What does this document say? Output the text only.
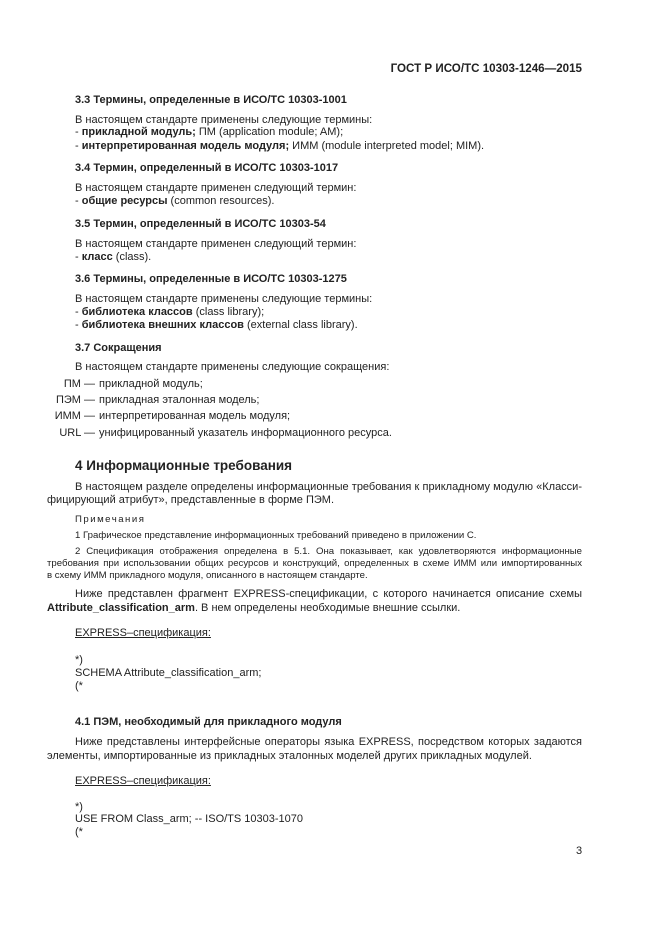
ГОСТ Р ИСО/ТС 10303-1246—2015
3.3 Термины, определенные в ИСО/ТС 10303-1001
В настоящем стандарте применены следующие термины:
- прикладной модуль; ПМ (application module; AM);
- интерпретированная модель модуля; ИММ (module interpreted model; MIM).
3.4 Термин, определенный в ИСО/ТС 10303-1017
В настоящем стандарте применен следующий термин:
- общие ресурсы (common resources).
3.5 Термин, определенный в ИСО/ТС 10303-54
В настоящем стандарте применен следующий термин:
- класс (class).
3.6 Термины, определенные в ИСО/ТС 10303-1275
В настоящем стандарте применены следующие термины:
- библиотека классов (class library);
- библиотека внешних классов (external class library).
3.7 Сокращения
В настоящем стандарте применены следующие сокращения:
ПМ — прикладной модуль;
ПЭМ — прикладная эталонная модель;
ИММ — интерпретированная модель модуля;
URL — унифицированный указатель информационного ресурса.
4 Информационные требования
В настоящем разделе определены информационные требования к прикладному модулю «Класси-
фицирующий атрибут», представленные в форме ПЭМ.
Примечания
1 Графическое представление информационных требований приведено в приложении С.
2 Спецификация отображения определена в 5.1. Она показывает, как удовлетворяются информационные
требования при использовании общих ресурсов и конструкций, определенных в схеме ИММ или импортированных
в схему ИММ прикладного модуля, описанного в настоящем стандарте.
Ниже представлен фрагмент EXPRESS-спецификации, с которого начинается описание схемы
Attribute_classification_arm. В нем определены необходимые внешние ссылки.
EXPRESS–спецификация:
*)
SCHEMA Attribute_classification_arm;
(*
4.1 ПЭМ, необходимый для прикладного модуля
Ниже представлены интерфейсные операторы языка EXPRESS, посредством которых задаются
элементы, импортированные из прикладных эталонных моделей других прикладных модулей.
EXPRESS–спецификация:
*)
USE FROM Class_arm; -- ISO/TS 10303-1070
(*
3
